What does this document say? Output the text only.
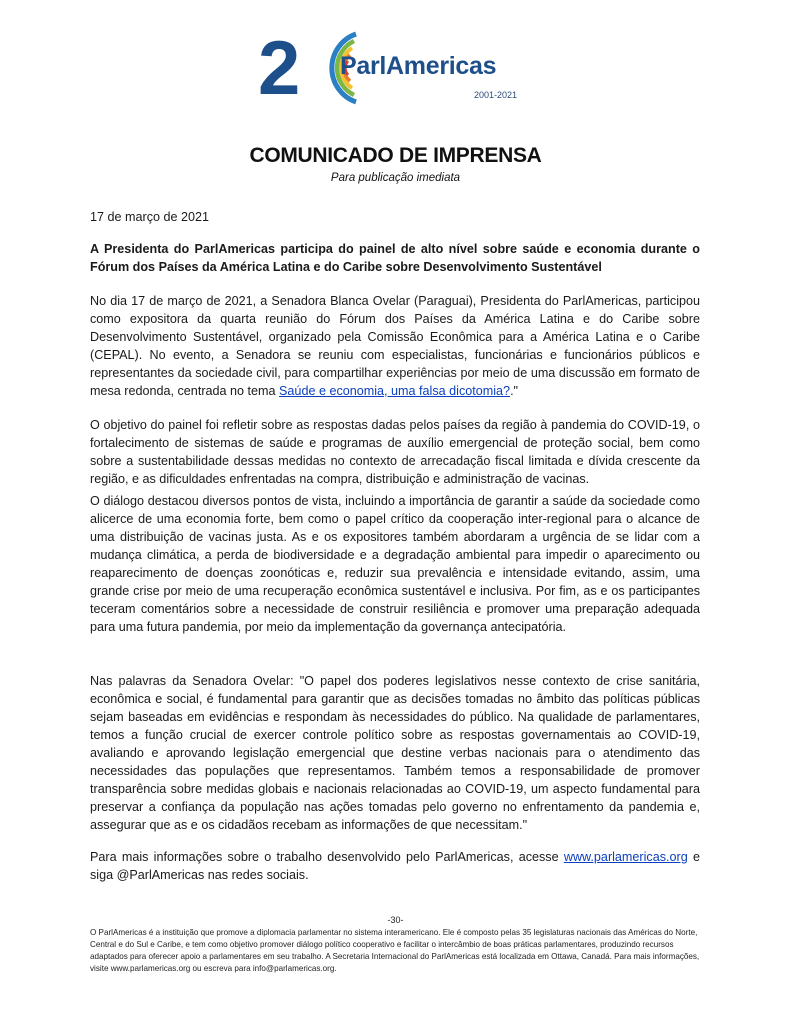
2 ParlAmericas
2001-2021
COMUNICADO DE IMPRENSA
Para publicação imediata
17 de março de 2021
A Presidenta do ParlAmericas participa do painel de alto nível sobre saúde e economia durante o Fórum dos Países da América Latina e do Caribe sobre Desenvolvimento Sustentável
No dia 17 de março de 2021, a Senadora Blanca Ovelar (Paraguai), Presidenta do ParlAmericas, participou como expositora da quarta reunião do Fórum dos Países da América Latina e do Caribe sobre Desenvolvimento Sustentável, organizado pela Comissão Econômica para a América Latina e o Caribe (CEPAL). No evento, a Senadora se reuniu com especialistas, funcionárias e funcionários públicos e representantes da sociedade civil, para compartilhar experiências por meio de uma discussão em formato de mesa redonda, centrada no tema Saúde e economia, uma falsa dicotomia?."
O objetivo do painel foi refletir sobre as respostas dadas pelos países da região à pandemia do COVID-19, o fortalecimento de sistemas de saúde e programas de auxílio emergencial de proteção social, bem como sobre a sustentabilidade dessas medidas no contexto de arrecadação fiscal limitada e dívida crescente da região, e as dificuldades enfrentadas na compra, distribuição e administração de vacinas.
O diálogo destacou diversos pontos de vista, incluindo a importância de garantir a saúde da sociedade como alicerce de uma economia forte, bem como o papel crítico da cooperação inter-regional para o alcance de uma distribuição de vacinas justa. As e os expositores também abordaram a urgência de se lidar com a mudança climática, a perda de biodiversidade e a degradação ambiental para impedir o aparecimento ou reaparecimento de doenças zoonóticas e, reduzir sua prevalência e intensidade evitando, assim, uma grande crise por meio de uma recuperação econômica sustentável e inclusiva. Por fim, as e os participantes teceram comentários sobre a necessidade de construir resiliência e promover uma preparação adequada para uma futura pandemia, por meio da implementação da governança antecipatória.
Nas palavras da Senadora Ovelar: "O papel dos poderes legislativos nesse contexto de crise sanitária, econômica e social, é fundamental para garantir que as decisões tomadas no âmbito das políticas públicas sejam baseadas em evidências e respondam às necessidades do público. Na qualidade de parlamentares, temos a função crucial de exercer controle político sobre as respostas governamentais ao COVID-19, avaliando e aprovando legislação emergencial que destine verbas nacionais para o atendimento das necessidades das populações que representamos. Também temos a responsabilidade de promover transparência sobre medidas globais e nacionais relacionadas ao COVID-19, um aspecto fundamental para preservar a confiança da população nas ações tomadas pelo governo no enfrentamento da pandemia e, assegurar que as e os cidadãos recebam as informações de que necessitam."
Para mais informações sobre o trabalho desenvolvido pelo ParlAmericas, acesse www.parlamericas.org e siga @ParlAmericas nas redes sociais.
-30-
O ParlAmericas é a instituição que promove a diplomacia parlamentar no sistema interamericano. Ele é composto pelas 35 legislaturas nacionais das Américas do Norte, Central e do Sul e Caribe, e tem como objetivo promover diálogo político cooperativo e facilitar o intercâmbio de boas práticas parlamentares, produzindo recursos adaptados para oferecer apoio a parlamentares em seu trabalho. A Secretaria Internacional do ParlAmericas está localizada em Ottawa, Canadá. Para mais informações, visite www.parlamericas.org ou escreva para info@parlamericas.org.
